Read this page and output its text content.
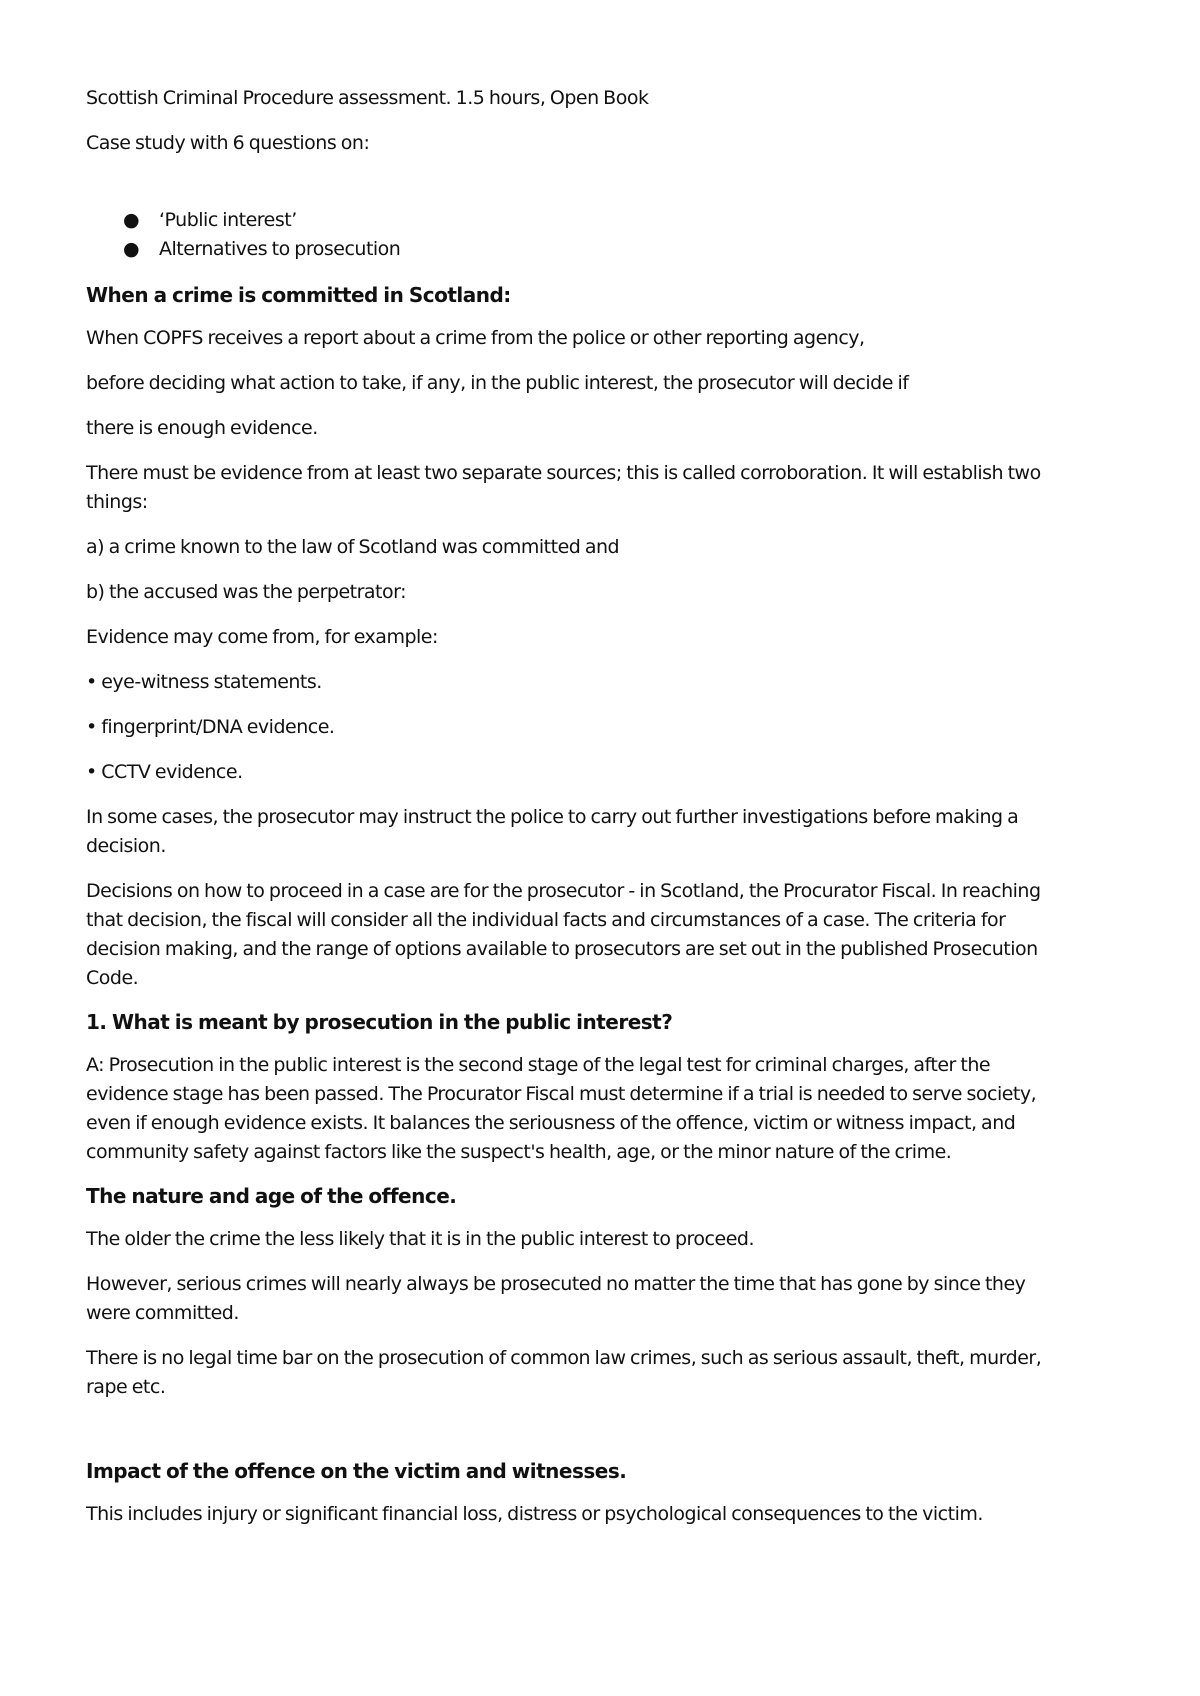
Scottish Criminal Procedure assessment. 1.5 hours, Open Book

Case study with 6 questions on:

● ‘Public interest’
● Alternatives to prosecution
When a crime is committed in Scotland:

When COPFS receives a report about a crime from the police or other reporting agency,

before deciding what action to take, if any, in the public interest, the prosecutor will decide if

there is enough evidence.

There must be evidence from at least two separate sources; this is called corroboration. It will establish two
things:

a) a crime known to the law of Scotland was committed and

b) the accused was the perpetrator:

Evidence may come from, for example:

• eye-witness statements.

• fingerprint/DNA evidence.

• CCTV evidence.

In some cases, the prosecutor may instruct the police to carry out further investigations before making a
decision.

Decisions on how to proceed in a case are for the prosecutor - in Scotland, the Procurator Fiscal. In reaching
that decision, the fiscal will consider all the individual facts and circumstances of a case. The criteria for
decision making, and the range of options available to prosecutors are set out in the published Prosecution
Code.

1. What is meant by prosecution in the public interest?

A: Prosecution in the public interest is the second stage of the legal test for criminal charges, after the
evidence stage has been passed. The Procurator Fiscal must determine if a trial is needed to serve society,
even if enough evidence exists. It balances the seriousness of the offence, victim or witness impact, and
community safety against factors like the suspect's health, age, or the minor nature of the crime.

The nature and age of the offence.

The older the crime the less likely that it is in the public interest to proceed.

However, serious crimes will nearly always be prosecuted no matter the time that has gone by since they
were committed.

There is no legal time bar on the prosecution of common law crimes, such as serious assault, theft, murder,
rape etc.

Impact of the offence on the victim and witnesses.

This includes injury or significant financial loss, distress or psychological consequences to the victim.
